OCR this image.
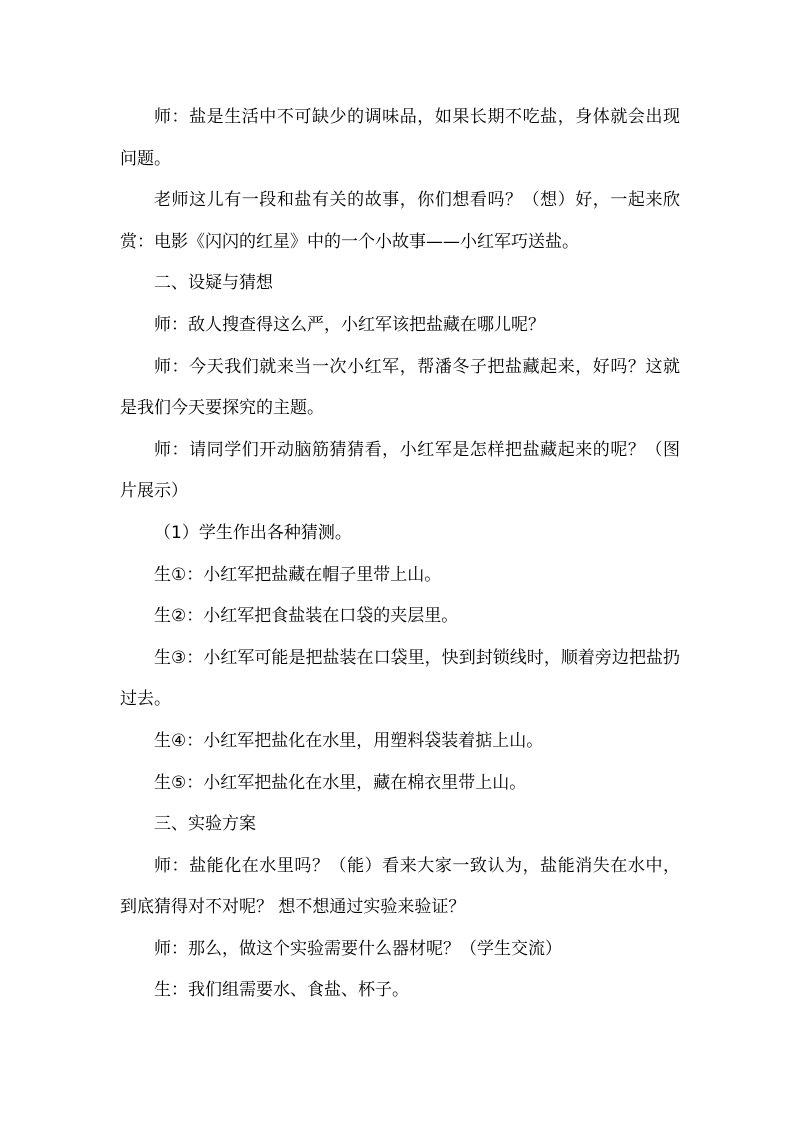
师：盐是生活中不可缺少的调味品，如果长期不吃盐，身体就会出现问题。

老师这儿有一段和盐有关的故事，你们想看吗？（想）好，一起来欣赏：电影《闪闪的红星》中的一个小故事——小红军巧送盐。

二、设疑与猜想

师：敌人搜查得这么严，小红军该把盐藏在哪儿呢？

师：今天我们就来当一次小红军，帮潘冬子把盐藏起来，好吗？这就是我们今天要探究的主题。

师：请同学们开动脑筋猜猜看，小红军是怎样把盐藏起来的呢？（图片展示）

（1）学生作出各种猜测。

生①：小红军把盐藏在帽子里带上山。

生②：小红军把食盐装在口袋的夹层里。

生③：小红军可能是把盐装在口袋里，快到封锁线时，顺着旁边把盐扔过去。

生④：小红军把盐化在水里，用塑料袋装着掂上山。

生⑤：小红军把盐化在水里，藏在棉衣里带上山。

三、实验方案

师：盐能化在水里吗？（能）看来大家一致认为，盐能消失在水中，到底猜得对不对呢？ 想不想通过实验来验证？

师：那么，做这个实验需要什么器材呢？（学生交流）

生：我们组需要水、食盐、杯子。
